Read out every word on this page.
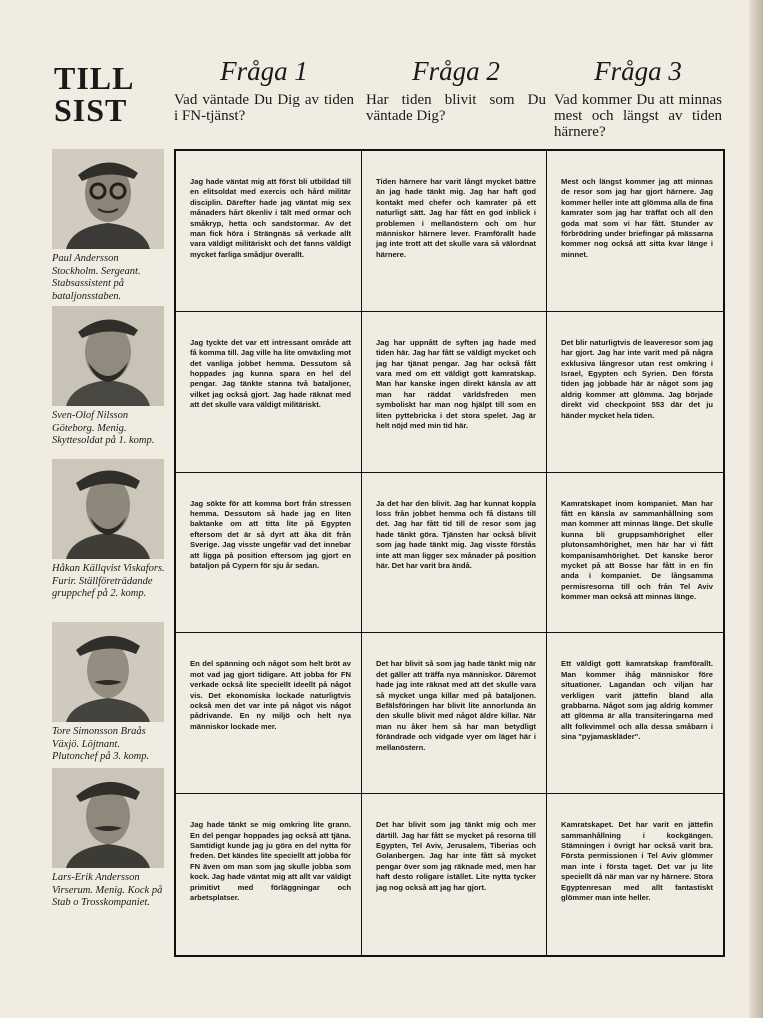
TILL SIST
Fråga 1
Vad väntade Du Dig av tiden i FN-tjänst?
Fråga 2
Har tiden blivit som Du väntade Dig?
Fråga 3
Vad kommer Du att minnas mest och längst av tiden härnere?
Paul Andersson Stockholm. Sergeant. Stabsassistent på bataljonsstaben.
Sven-Olof Nilsson Göteborg. Menig. Skyttesoldat på 1. komp.
Håkan Källqvist Viskafors. Furir. Ställföreträdande gruppchef på 2. komp.
Tore Simonsson Braås Växjö. Löjtnant. Plutonchef på 3. komp.
Lars-Erik Andersson Virserum. Menig. Kock på Stab o Trosskompaniet.
Jag hade väntat mig att först bli utbildad till en elitsoldat med exercis och hård militär disciplin. Därefter hade jag väntat mig sex månaders hårt ökenliv i tält med ormar och småkryp, hetta och sandstormar. Av det man fick höra i Strängnäs så verkade allt vara väldigt militäriskt och det fanns väldigt mycket farliga smådjur överallt.
Tiden härnere har varit långt mycket bättre än jag hade tänkt mig. Jag har haft god kontakt med chefer och kamrater på ett naturligt sätt. Jag har fått en god inblick i problemen i mellanöstern och om hur människor härnere lever. Framförallt hade jag inte trott att det skulle vara så välordnat härnere.
Mest och längst kommer jag att minnas de resor som jag har gjort härnere. Jag kommer heller inte att glömma alla de fina kamrater som jag har träffat och all den goda mat som vi har fått. Stunder av förbrödring under briefingar på mässarna kommer nog också att sitta kvar länge i minnet.
Jag tyckte det var ett intressant område att få komma till. Jag ville ha lite omväxling mot det vanliga jobbet hemma. Dessutom så hoppades jag kunna spara en hel del pengar. Jag tänkte stanna två bataljoner, vilket jag också gjort. Jag hade räknat med att det skulle vara väldigt militäriskt.
Jag har uppnått de syften jag hade med tiden här. Jag har fått se väldigt mycket och jag har tjänat pengar. Jag har också fått vara med om ett väldigt gott kamratskap. Man har kanske ingen direkt känsla av att man har räddat världsfreden men symboliskt har man nog hjälpt till som en liten pyttebricka i det stora spelet. Jag är helt nöjd med min tid här.
Det blir naturligtvis de leaveresor som jag har gjort. Jag har inte varit med på några exklusiva långresor utan rest omkring i Israel, Egypten och Syrien. Den första tiden jag jobbade här är något som jag aldrig kommer att glömma. Jag började direkt vid checkpoint 553 där det ju händer mycket hela tiden.
Jag sökte för att komma bort från stressen hemma. Dessutom så hade jag en liten baktanke om att titta lite på Egypten eftersom det är så dyrt att åka dit från Sverige. Jag visste ungefär vad det innebar att ligga på position eftersom jag gjort en bataljon på Cypern för sju år sedan.
Ja det har den blivit. Jag har kunnat koppla loss från jobbet hemma och få distans till det. Jag har fått tid till de resor som jag hade tänkt göra. Tjänsten har också blivit som jag hade tänkt mig. Jag visste förstås inte att man ligger sex månader på position här. Det har varit bra ändå.
Kamratskapet inom kompaniet. Man har fått en känsla av sammanhållning som man kommer att minnas länge. Det skulle kunna bli gruppsamhörighet eller plutonsamhörighet, men här har vi fått kompanisamhörighet. Det kanske beror mycket på att Bosse har fått in en fin anda i kompaniet. De långsamma permisresorna till och från Tel Aviv kommer man också att minnas länge.
En del spänning och något som helt bröt av mot vad jag gjort tidigare. Att jobba för FN verkade också lite speciellt ideellt på något vis. Det ekonomiska lockade naturligtvis också men det var inte på något vis något pådrivande. En ny miljö och helt nya människor lockade mer.
Det har blivit så som jag hade tänkt mig när det gäller att träffa nya människor. Däremot hade jag inte räknat med att det skulle vara så mycket unga killar med på bataljonen. Befälsföringen har blivit lite annorlunda än den skulle blivit med något äldre killar. När man nu åker hem så har man betydligt förändrade och vidgade vyer om läget här i mellanöstern.
Ett väldigt gott kamratskap framförallt. Man kommer ihåg människor före situationer. Lagandan och viljan har verkligen varit jättefin bland alla grabbarna. Något som jag aldrig kommer att glömma är alla transiteringarna med allt folkvimmel och alla dessa småbarn i sina "pyjamaskläder".
Jag hade tänkt se mig omkring lite grann. En del pengar hoppades jag också att tjäna. Samtidigt kunde jag ju göra en del nytta för freden. Det kändes lite speciellt att jobba för FN även om man som jag skulle jobba som kock. Jag hade väntat mig att allt var väldigt primitivt med förläggningar och arbetsplatser.
Det har blivit som jag tänkt mig och mer därtill. Jag har fått se mycket på resorna till Egypten, Tel Aviv, Jerusalem, Tiberias och Golanbergen. Jag har inte fått så mycket pengar över som jag räknade med, men har haft desto roligare istället. Lite nytta tycker jag nog också att jag har gjort.
Kamratskapet. Det har varit en jättefin sammanhållning i kockgängen. Stämningen i övrigt har också varit bra. Första permissionen i Tel Aviv glömmer man inte i första taget. Det var ju lite speciellt då när man var ny härnere. Stora Egyptenresan med allt fantastiskt glömmer man inte heller.
